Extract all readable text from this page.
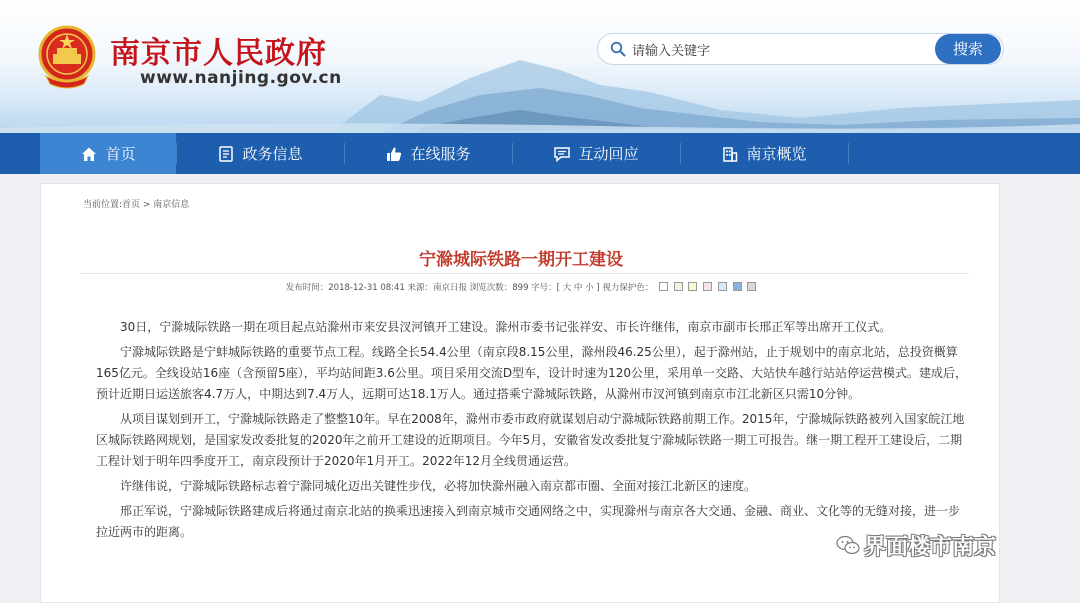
南京市人民政府
www.nanjing.gov.cn
请输入关键字
搜索
首页	政务信息	在线服务	互动回应	南京概览
当前位置:首页 > 南京信息
宁滁城际铁路一期开工建设
发布时间：2018-12-31 08:41 来源：南京日报 浏览次数：899 字号：[ 大 中 小 ] 视力保护色：

30日，宁滁城际铁路一期在项目起点站滁州市来安县汊河镇开工建设。滁州市委书记张祥安、市长许继伟，南京市副市长邢正军等出席开工仪式。

宁滁城际铁路是宁蚌城际铁路的重要节点工程。线路全长54.4公里（南京段8.15公里，滁州段46.25公里），起于滁州站，止于规划中的南京北站，总投资概算165亿元。全线设站16座（含预留5座），平均站间距3.6公里。项目采用交流D型车，设计时速为120公里，采用单一交路、大站快车越行站站停运营模式。建成后，预计近期日运送旅客4.7万人，中期达到7.4万人，远期可达18.1万人。通过搭乘宁滁城际铁路，从滁州市汊河镇到南京市江北新区只需10分钟。

从项目谋划到开工，宁滁城际铁路走了整整10年。早在2008年，滁州市委市政府就谋划启动宁滁城际铁路前期工作。2015年，宁滁城际铁路被列入国家皖江地区城际铁路网规划，是国家发改委批复的2020年之前开工建设的近期项目。今年5月，安徽省发改委批复宁滁城际铁路一期工可报告。继一期工程开工建设后，二期工程计划于明年四季度开工，南京段预计于2020年1月开工。2022年12月全线贯通运营。

许继伟说，宁滁城际铁路标志着宁滁同城化迈出关键性步伐，必将加快滁州融入南京都市圈、全面对接江北新区的速度。

邢正军说，宁滁城际铁路建成后将通过南京北站的换乘迅速接入到南京城市交通网络之中，实现滁州与南京各大交通、金融、商业、文化等的无缝对接，进一步拉近两市的距离。

界面楼市南京
